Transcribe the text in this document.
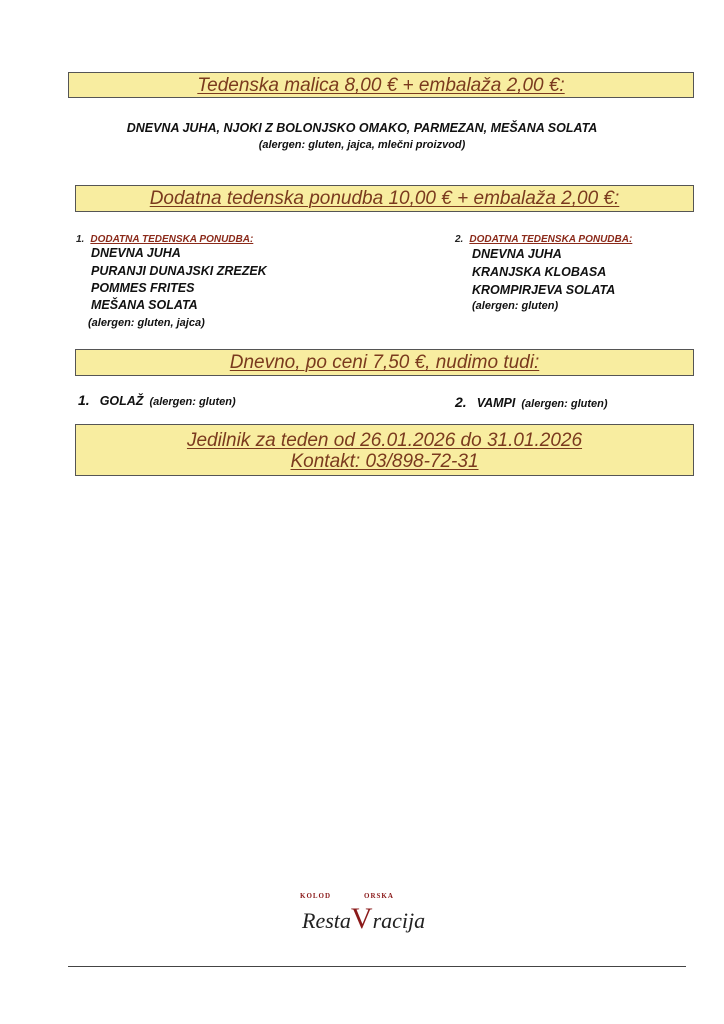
Tedenska malica 8,00 € + embalaža 2,00 €:
DNEVNA JUHA, NJOKI Z BOLONJSKO OMAKO, PARMEZAN, MEŠANA SOLATA
(alergen: gluten, jajca, mlečni proizvod)
Dodatna tedenska ponudba 10,00 € + embalaža 2,00 €:
1. DODATNA TEDENSKA PONUDBA:
DNEVNA JUHA
PURANJI DUNAJSKI ZREZEK
POMMES FRITES
MEŠANA SOLATA
(alergen: gluten, jajca)
2. DODATNA TEDENSKA PONUDBA:
DNEVNA JUHA
KRANJSKA KLOBASA
KROMPIRJEVA SOLATA
(alergen: gluten)
Dnevno, po ceni 7,50 €, nudimo tudi:
1. GOLAŽ (alergen: gluten)	2. VAMPI (alergen: gluten)
Jedilnik za teden od 26.01.2026 do 31.01.2026
Kontakt: 03/898-72-31
KOLOD	ORSKA
RestaVracija
